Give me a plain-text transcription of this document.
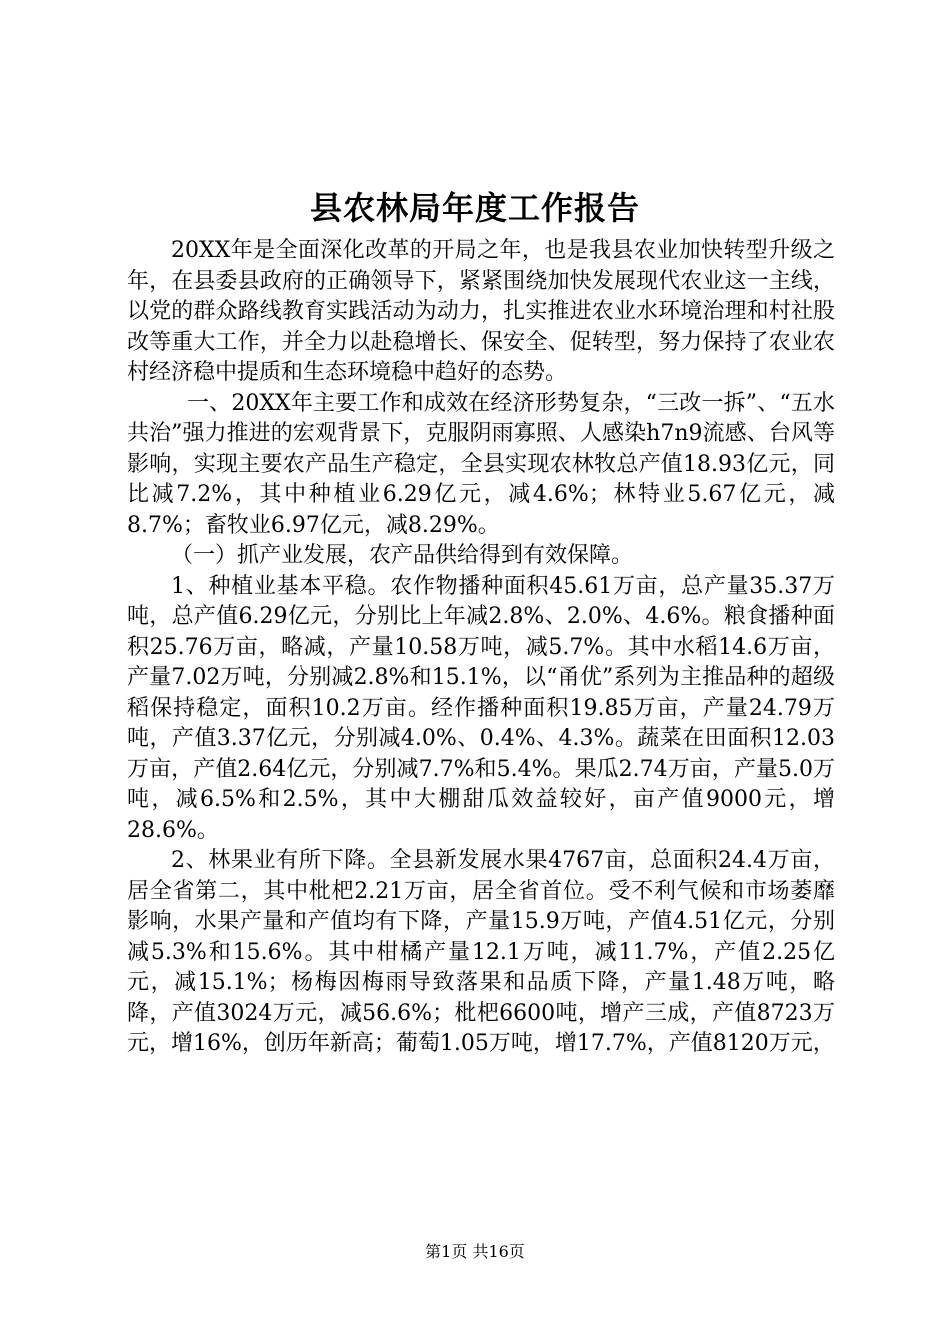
县农林局年度工作报告

20XX年是全面深化改革的开局之年，也是我县农业加快转型升级之年，在县委县政府的正确领导下，紧紧围绕加快发展现代农业这一主线，以党的群众路线教育实践活动为动力，扎实推进农业水环境治理和村社股改等重大工作，并全力以赴稳增长、保安全、促转型，努力保持了农业农村经济稳中提质和生态环境稳中趋好的态势。

一、20XX年主要工作和成效在经济形势复杂，“三改一拆”、“五水共治”强力推进的宏观背景下，克服阴雨寡照、人感染h7n9流感、台风等影响，实现主要农产品生产稳定，全县实现农林牧总产值18.93亿元，同比减7.2%，其中种植业6.29亿元，减4.6%；林特业5.67亿元，减8.7%；畜牧业6.97亿元，减8.29%。

（一）抓产业发展，农产品供给得到有效保障。

1、种植业基本平稳。农作物播种面积45.61万亩，总产量35.37万吨，总产值6.29亿元，分别比上年减2.8%、2.0%、4.6%。粮食播种面积25.76万亩，略减，产量10.58万吨，减5.7%。其中水稻14.6万亩，产量7.02万吨，分别减2.8%和15.1%，以“甬优”系列为主推品种的超级稻保持稳定，面积10.2万亩。经作播种面积19.85万亩，产量24.79万吨，产值3.37亿元，分别减4.0%、0.4%、4.3%。蔬菜在田面积12.03万亩，产值2.64亿元，分别减7.7%和5.4%。果瓜2.74万亩，产量5.0万吨，减6.5%和2.5%，其中大棚甜瓜效益较好，亩产值9000元，增28.6%。

2、林果业有所下降。全县新发展水果4767亩，总面积24.4万亩，居全省第二，其中枇杷2.21万亩，居全省首位。受不利气候和市场萎靡影响，水果产量和产值均有下降，产量15.9万吨，产值4.51亿元，分别减5.3%和15.6%。其中柑橘产量12.1万吨，减11.7%，产值2.25亿元，减15.1%；杨梅因梅雨导致落果和品质下降，产量1.48万吨，略降，产值3024万元，减56.6%；枇杷6600吨，增产三成，产值8723万元，增16%，创历年新高；葡萄1.05万吨，增17.7%，产值8120万元，

第1页 共16页
